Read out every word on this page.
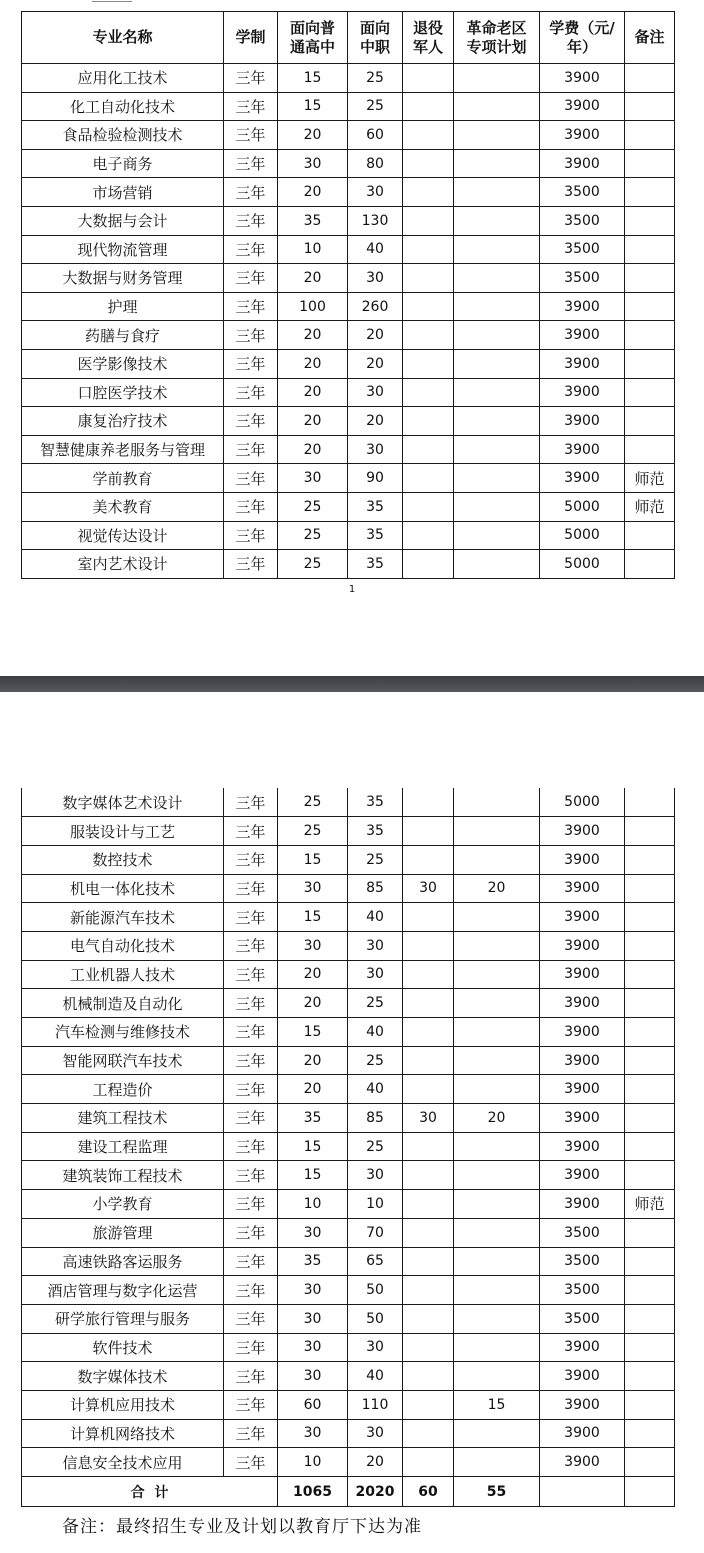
专业名称	学制	面向普通高中	面向中职	退役军人	革命老区专项计划	学费（元/年）	备注
应用化工技术	三年	15	25			3900	
化工自动化技术	三年	15	25			3900	
食品检验检测技术	三年	20	60			3900	
电子商务	三年	30	80			3900	
市场营销	三年	20	30			3500	
大数据与会计	三年	35	130			3500	
现代物流管理	三年	10	40			3500	
大数据与财务管理	三年	20	30			3500	
护理	三年	100	260			3900	
药膳与食疗	三年	20	20			3900	
医学影像技术	三年	20	20			3900	
口腔医学技术	三年	20	30			3900	
康复治疗技术	三年	20	20			3900	
智慧健康养老服务与管理	三年	20	30			3900	
学前教育	三年	30	90			3900	师范
美术教育	三年	25	35			5000	师范
视觉传达设计	三年	25	35			5000	
室内艺术设计	三年	25	35			5000	
1
数字媒体艺术设计	三年	25	35			5000	
服装设计与工艺	三年	25	35			3900	
数控技术	三年	15	25			3900	
机电一体化技术	三年	30	85	30	20	3900	
新能源汽车技术	三年	15	40			3900	
电气自动化技术	三年	30	30			3900	
工业机器人技术	三年	20	30			3900	
机械制造及自动化	三年	20	25			3900	
汽车检测与维修技术	三年	15	40			3900	
智能网联汽车技术	三年	20	25			3900	
工程造价	三年	20	40			3900	
建筑工程技术	三年	35	85	30	20	3900	
建设工程监理	三年	15	25			3900	
建筑装饰工程技术	三年	15	30			3900	
小学教育	三年	10	10			3900	师范
旅游管理	三年	30	70			3500	
高速铁路客运服务	三年	35	65			3500	
酒店管理与数字化运营	三年	30	50			3500	
研学旅行管理与服务	三年	30	50			3500	
软件技术	三年	30	30			3900	
数字媒体技术	三年	30	40			3900	
计算机应用技术	三年	60	110		15	3900	
计算机网络技术	三年	30	30			3900	
信息安全技术应用	三年	10	20			3900	
合  计		1065	2020	60	55		
备注：最终招生专业及计划以教育厅下达为准
